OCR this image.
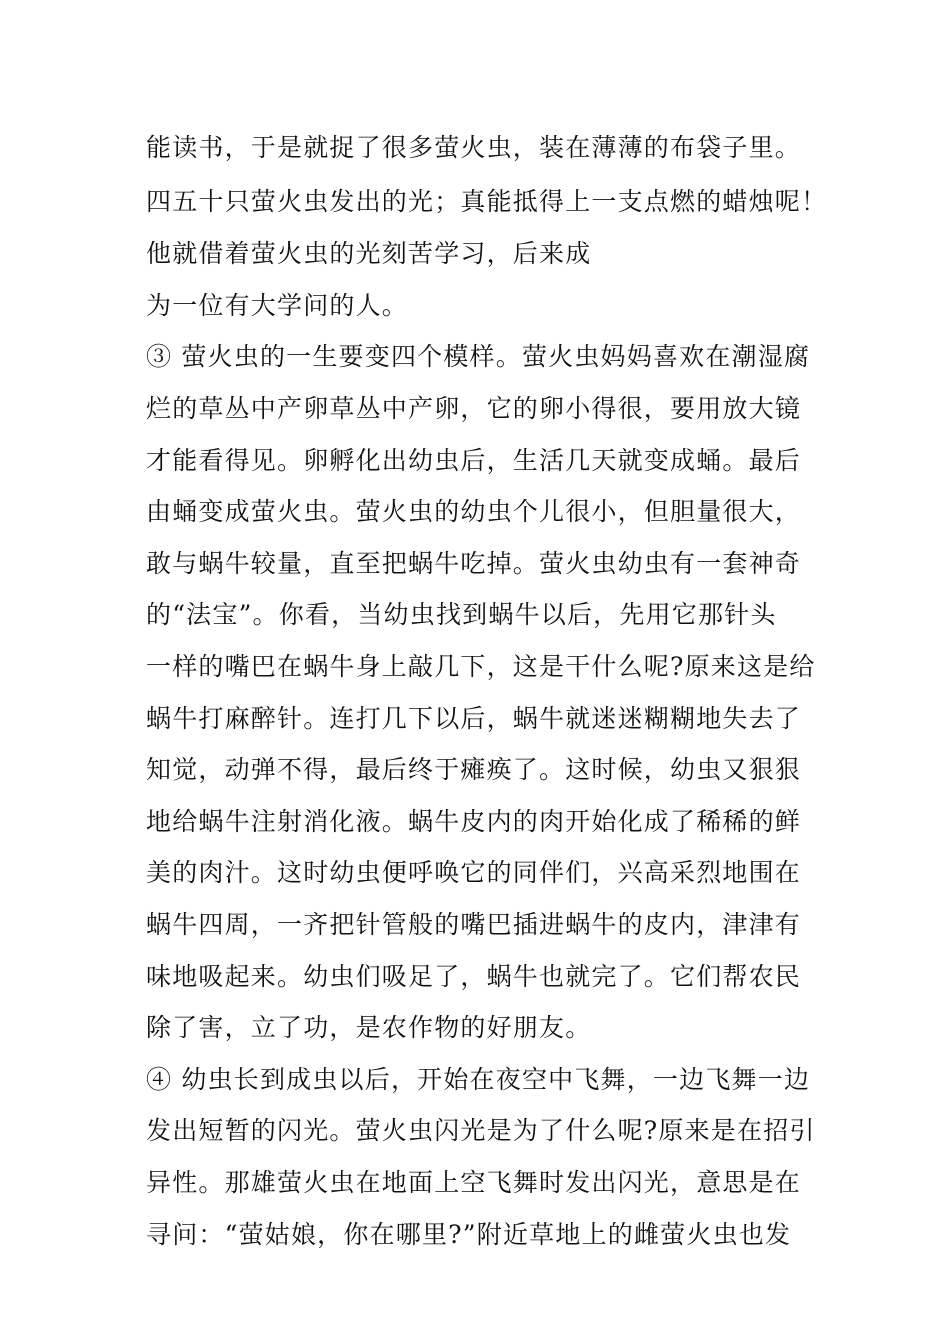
能读书，于是就捉了很多萤火虫，装在薄薄的布袋子里。
四五十只萤火虫发出的光；真能抵得上一支点燃的蜡烛呢！
他就借着萤火虫的光刻苦学习，后来成
为一位有大学问的人。
③ 萤火虫的一生要变四个模样。萤火虫妈妈喜欢在潮湿腐
烂的草丛中产卵草丛中产卵，它的卵小得很，要用放大镜
才能看得见。卵孵化出幼虫后，生活几天就变成蛹。最后
由蛹变成萤火虫。萤火虫的幼虫个儿很小，但胆量很大，
敢与蜗牛较量，直至把蜗牛吃掉。萤火虫幼虫有一套神奇
的“法宝”。你看，当幼虫找到蜗牛以后，先用它那针头
一样的嘴巴在蜗牛身上敲几下，这是干什么呢?原来这是给
蜗牛打麻醉针。连打几下以后，蜗牛就迷迷糊糊地失去了
知觉，动弹不得，最后终于瘫痪了。这时候，幼虫又狠狠
地给蜗牛注射消化液。蜗牛皮内的肉开始化成了稀稀的鲜
美的肉汁。这时幼虫便呼唤它的同伴们，兴高采烈地围在
蜗牛四周，一齐把针管般的嘴巴插进蜗牛的皮内，津津有
味地吸起来。幼虫们吸足了，蜗牛也就完了。它们帮农民
除了害，立了功，是农作物的好朋友。
④ 幼虫长到成虫以后，开始在夜空中飞舞，一边飞舞一边
发出短暂的闪光。萤火虫闪光是为了什么呢?原来是在招引
异性。那雄萤火虫在地面上空飞舞时发出闪光，意思是在
寻问：“萤姑娘，你在哪里?”附近草地上的雌萤火虫也发
